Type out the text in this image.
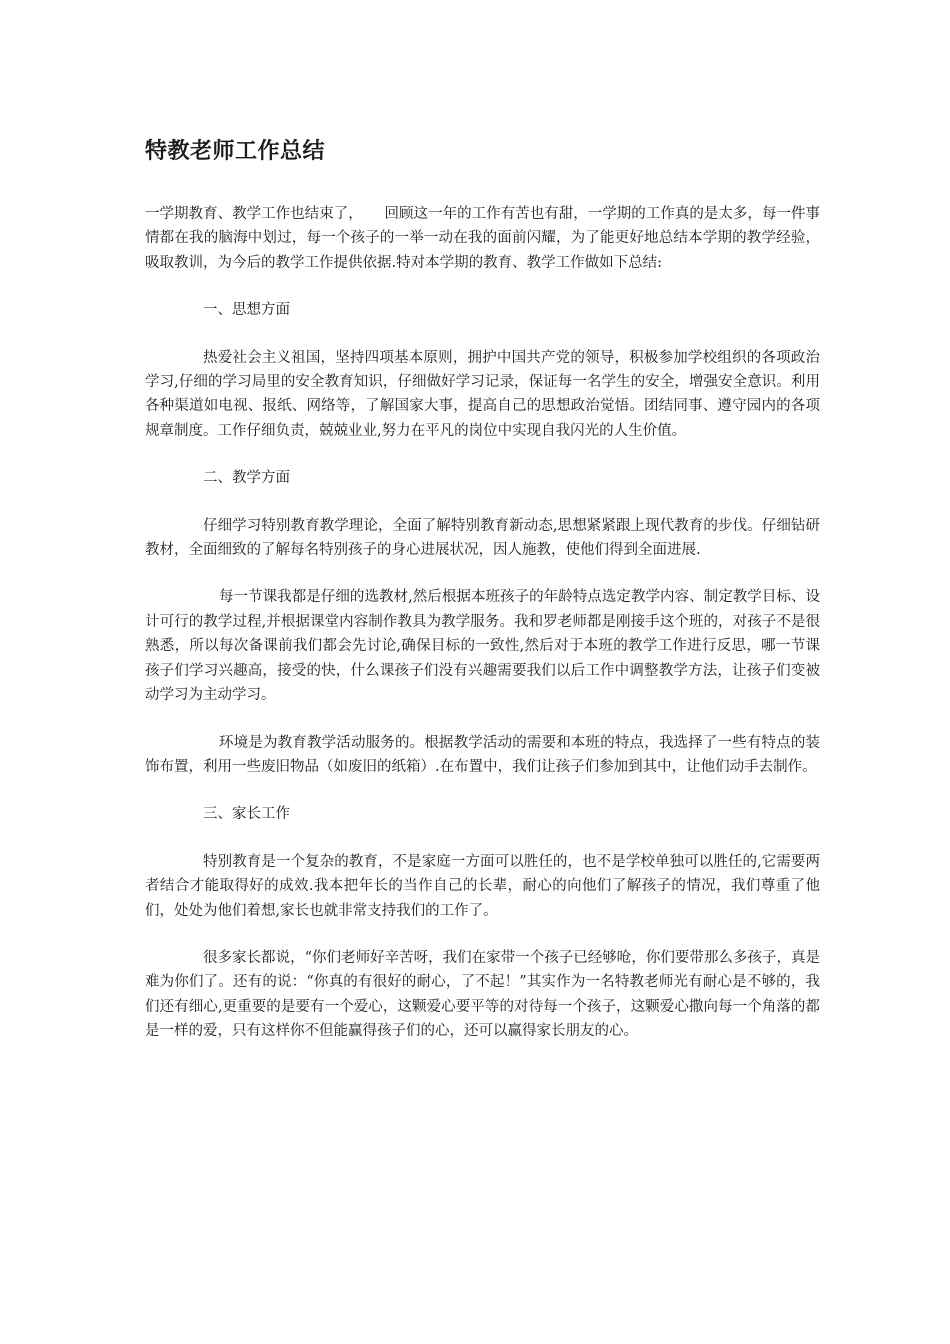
特教老师工作总结

一学期教育、教学工作也结束了，　　回顾这一年的工作有苦也有甜，一学期的工作真的是太多，每一件事情都在我的脑海中划过，每一个孩子的一举一动在我的面前闪耀，为了能更好地总结本学期的教学经验，吸取教训，为今后的教学工作提供依据.特对本学期的教育、教学工作做如下总结:

一、思想方面

热爱社会主义祖国，坚持四项基本原则，拥护中国共产党的领导，积极参加学校组织的各项政治学习,仔细的学习局里的安全教育知识，仔细做好学习记录，保证每一名学生的安全，增强安全意识。利用各种渠道如电视、报纸、网络等，了解国家大事，提高自己的思想政治觉悟。团结同事、遵守园内的各项规章制度。工作仔细负责，兢兢业业,努力在平凡的岗位中实现自我闪光的人生价值。

二、教学方面

仔细学习特别教育教学理论，全面了解特别教育新动态,思想紧紧跟上现代教育的步伐。仔细钻研教材，全面细致的了解每名特别孩子的身心进展状况，因人施教，使他们得到全面进展.

每一节课我都是仔细的选教材,然后根据本班孩子的年龄特点选定教学内容、制定教学目标、设计可行的教学过程,并根据课堂内容制作教具为教学服务。我和罗老师都是刚接手这个班的，对孩子不是很熟悉，所以每次备课前我们都会先讨论,确保目标的一致性,然后对于本班的教学工作进行反思，哪一节课孩子们学习兴趣高，接受的快，什么课孩子们没有兴趣需要我们以后工作中调整教学方法，让孩子们变被动学习为主动学习。

环境是为教育教学活动服务的。根据教学活动的需要和本班的特点，我选择了一些有特点的装饰布置，利用一些废旧物品（如废旧的纸箱）.在布置中，我们让孩子们参加到其中，让他们动手去制作。

三、家长工作

特别教育是一个复杂的教育，不是家庭一方面可以胜任的，也不是学校单独可以胜任的,它需要两者结合才能取得好的成效.我本把年长的当作自己的长辈，耐心的向他们了解孩子的情况，我们尊重了他们，处处为他们着想,家长也就非常支持我们的工作了。

很多家长都说，“你们老师好辛苦呀，我们在家带一个孩子已经够呛，你们要带那么多孩子，真是难为你们了。还有的说：“你真的有很好的耐心，了不起！”其实作为一名特教老师光有耐心是不够的，我们还有细心,更重要的是要有一个爱心，这颗爱心要平等的对待每一个孩子，这颗爱心撒向每一个角落的都是一样的爱，只有这样你不但能赢得孩子们的心，还可以赢得家长朋友的心。
